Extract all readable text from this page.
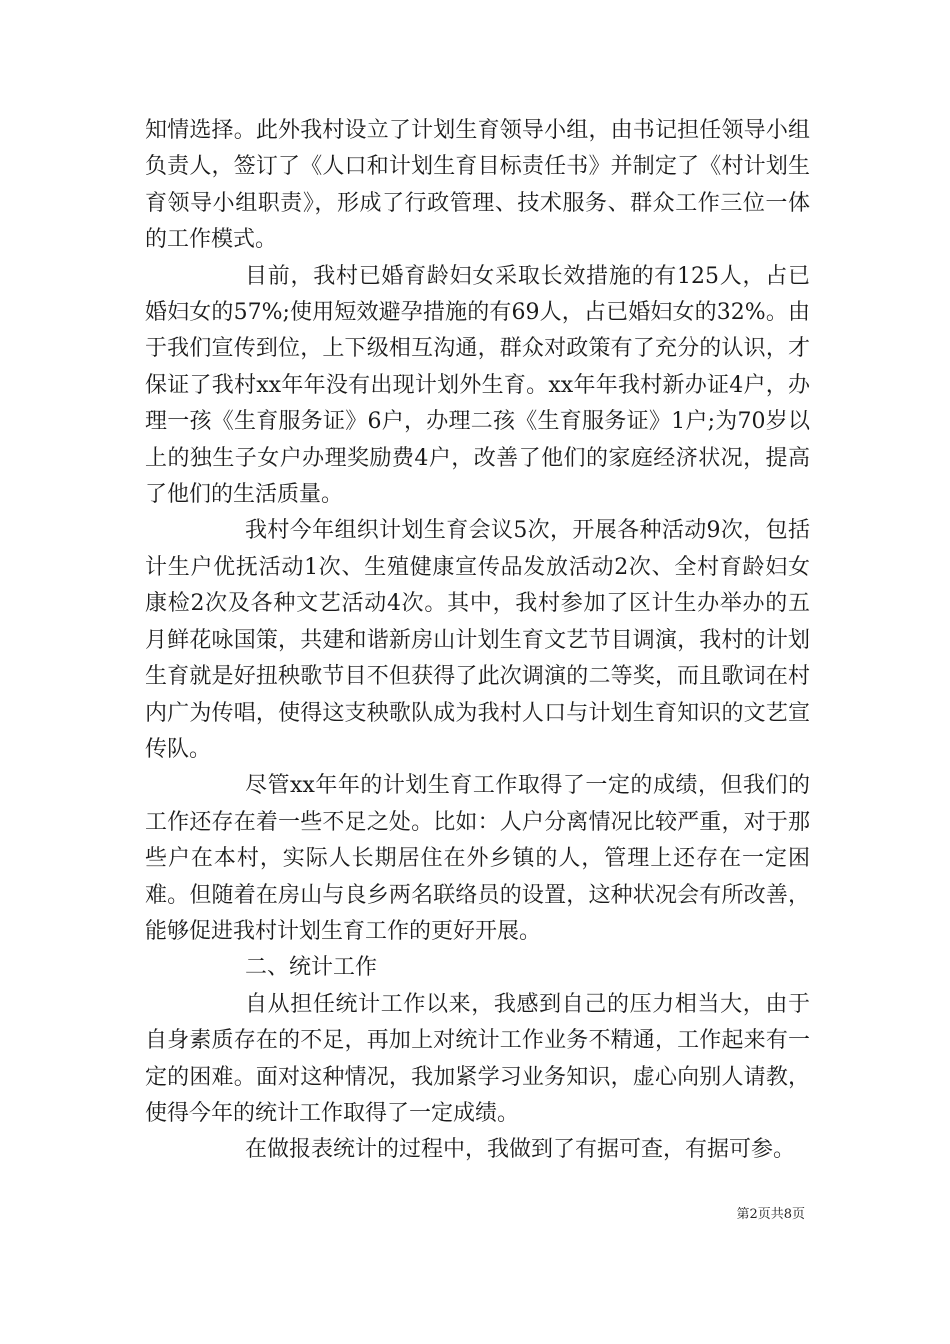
知情选择。此外我村设立了计划生育领导小组，由书记担任领导小组负责人，签订了《人口和计划生育目标责任书》并制定了《村计划生育领导小组职责》，形成了行政管理、技术服务、群众工作三位一体的工作模式。

目前，我村已婚育龄妇女采取长效措施的有125人，占已婚妇女的57%;使用短效避孕措施的有69人，占已婚妇女的32%。由于我们宣传到位，上下级相互沟通，群众对政策有了充分的认识，才保证了我村xx年年没有出现计划外生育。xx年年我村新办证4户，办理一孩《生育服务证》6户，办理二孩《生育服务证》1户;为70岁以上的独生子女户办理奖励费4户，改善了他们的家庭经济状况，提高了他们的生活质量。

我村今年组织计划生育会议5次，开展各种活动9次，包括计生户优抚活动1次、生殖健康宣传品发放活动2次、全村育龄妇女康检2次及各种文艺活动4次。其中，我村参加了区计生办举办的五月鲜花咏国策，共建和谐新房山计划生育文艺节目调演，我村的计划生育就是好扭秧歌节目不但获得了此次调演的二等奖，而且歌词在村内广为传唱，使得这支秧歌队成为我村人口与计划生育知识的文艺宣传队。

尽管xx年年的计划生育工作取得了一定的成绩，但我们的工作还存在着一些不足之处。比如：人户分离情况比较严重，对于那些户在本村，实际人长期居住在外乡镇的人，管理上还存在一定困难。但随着在房山与良乡两名联络员的设置，这种状况会有所改善，能够促进我村计划生育工作的更好开展。

二、统计工作

自从担任统计工作以来，我感到自己的压力相当大，由于自身素质存在的不足，再加上对统计工作业务不精通，工作起来有一定的困难。面对这种情况，我加紧学习业务知识，虚心向别人请教，使得今年的统计工作取得了一定成绩。

在做报表统计的过程中，我做到了有据可查，有据可参。

第2页共8页
